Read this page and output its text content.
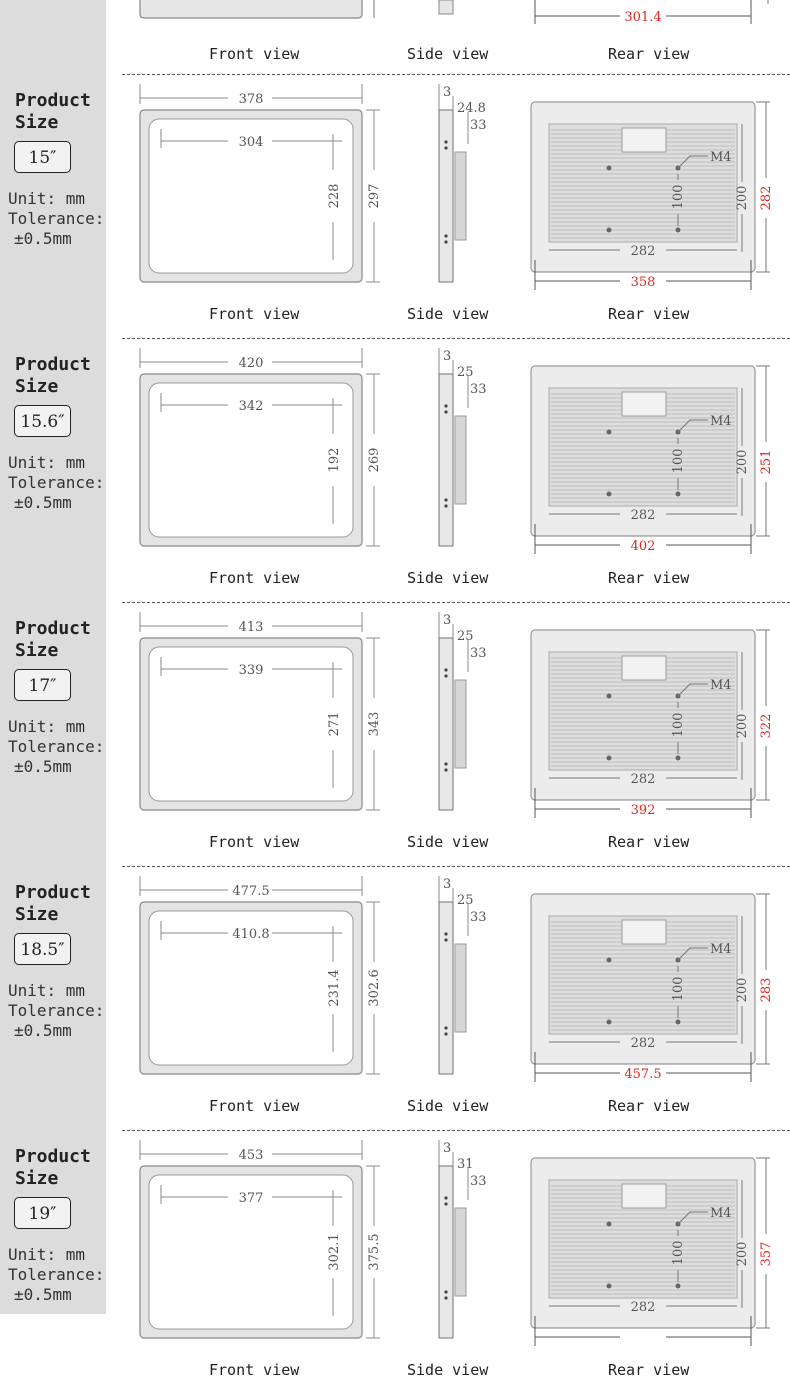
301.4
Front view	Side view	Rear view
Product
Size
15″
Unit: mm
Tolerance:
±0.5mm
378
304
228 297
3
24.8
33
M4
100	200 282
282
358
Front view	Side view	Rear view
Product
Size
15.6″
Unit: mm
Tolerance:
±0.5mm
420
342
192 269
3
25
33
M4
100	200 251
282
402
Front view	Side view	Rear view
Product
Size
17″
Unit: mm
Tolerance:
±0.5mm
413
339
271 343
3
25
33
M4
100	200 322
282
392
Front view	Side view	Rear view
Product
Size
18.5″
Unit: mm
Tolerance:
±0.5mm
477.5
410.8
231.4 302.6
3
25
33
M4
100	200 283
282
457.5
Front view	Side view	Rear view
Product
Size
19″
Unit: mm
Tolerance:
±0.5mm
453
377
302.1 375.5
3
31
33
M4
100	200 357
282
Front view	Side view	Rear view
